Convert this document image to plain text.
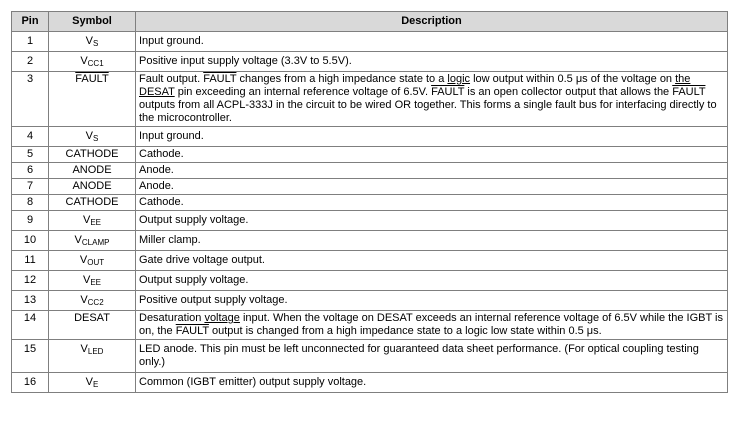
Pin	Symbol	Description
1	$V_S$	Input ground.
2	$V_{CC1}$	Positive input supply voltage (3.3V to 5.5V).
3	FAULT	Fault output. FAULT changes from a high impedance state to a logic low output within 0.5 μs of the voltage on the DESAT pin exceeding an internal reference voltage of 6.5V. FAULT is an open collector output that allows the FAULT outputs from all ACPL-333J in the circuit to be wired OR together. This forms a single fault bus for interfacing directly to the microcontroller.
4	$V_S$	Input ground.
5	CATHODE	Cathode.
6	ANODE	Anode.
7	ANODE	Anode.
8	CATHODE	Cathode.
9	$V_{EE}$	Output supply voltage.
10	$V_{CLAMP}$	Miller clamp.
11	$V_{OUT}$	Gate drive voltage output.
12	$V_{EE}$	Output supply voltage.
13	$V_{CC2}$	Positive output supply voltage.
14	DESAT	Desaturation voltage input. When the voltage on DESAT exceeds an internal reference voltage of 6.5V while the IGBT is on, the FAULT output is changed from a high impedance state to a logic low state within 0.5 μs.
15	$V_{LED}$	LED anode. This pin must be left unconnected for guaranteed data sheet performance. (For optical coupling testing only.)
16	$V_E$	Common (IGBT emitter) output supply voltage.
